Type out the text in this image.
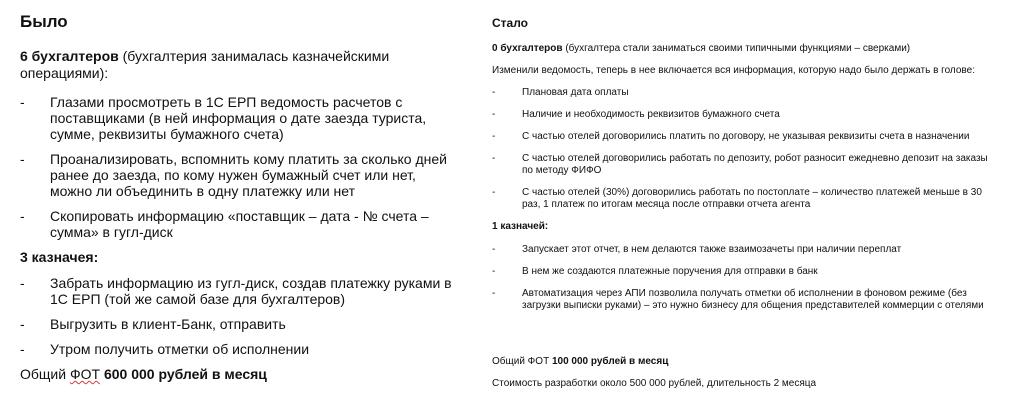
Было
6 бухгалтеров (бухгалтерия занималась казначейскими операциями):
- Глазами просмотреть в 1С ЕРП ведомость расчетов с поставщиками (в ней информация о дате заезда туриста, сумме, реквизиты бумажного счета)
- Проанализировать, вспомнить кому платить за сколько дней ранее до заезда, по кому нужен бумажный счет или нет, можно ли объединить в одну платежку или нет
- Скопировать информацию «поставщик – дата - № счета – сумма» в гугл-диск
3 казначея:
- Забрать информацию из гугл-диск, создав платежку руками в 1С ЕРП (той же самой базе для бухгалтеров)
- Выгрузить в клиент-Банк, отправить
- Утром получить отметки об исполнении
Общий ФОТ 600 000 рублей в месяц
Стало
0 бухгалтеров (бухгалтера стали заниматься своими типичными функциями – сверками)
Изменили ведомость, теперь в нее включается вся информация, которую надо было держать в голове:
-	Плановая дата оплаты
-	Наличие и необходимость реквизитов бумажного счета
-	С частью отелей договорились платить по договору, не указывая реквизиты счета в назначении
-	С частью отелей договорились работать по депозиту, робот разносит ежедневно депозит на заказы по методу ФИФО
-	С частью отелей (30%) договорились работать по постоплате – количество платежей меньше в 30 раз, 1 платеж по итогам месяца после отправки отчета агента
1 казначей:
-	Запускает этот отчет, в нем делаются также взаимозачеты при наличии переплат
-	В нем же создаются платежные поручения для отправки в банк
-	Автоматизация через АПИ позволила получать отметки об исполнении в фоновом режиме (без загрузки выписки руками) – это нужно бизнесу для общения представителей коммерции с отелями
Общий ФОТ 100 000 рублей в месяц
Стоимость разработки около 500 000 рублей, длительность 2 месяца
